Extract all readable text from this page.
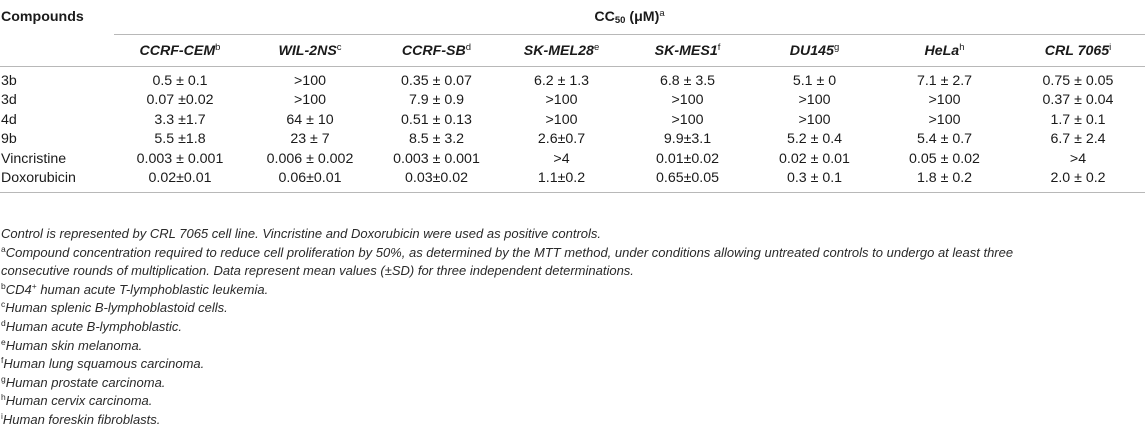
Compounds	$CC_{50}$ $(\mu M)^a$
	CCRF-CEM$^b$	WIL-$2NS^c$	CCRF-$SB^d$	SK-MEL28e	SK-MES1$^f$	DU145$^g$	HeLa$^h$	CRL 7065$^i$
3b	0.5 ± 0.1	>100	0.35 ± 0.07	6.2 ± 1.3	6.8 ± 3.5	5.1 ± 0	7.1 ± 2.7	0.75 ± 0.05
3d	0.07 ±0.02	>100	7.9 ± 0.9	>100	>100	>100	>100	0.37 ± 0.04
4d	3.3 ±1.7	64 ± 10	0.51 ± 0.13	>100	>100	>100	>100	1.7 ± 0.1
9b	5.5 ±1.8	23 ± 7	8.5 ± 3.2	2.6±0.7	9.9±3.1	5.2 ± 0.4	5.4 ± 0.7	6.7 ± 2.4
Vincristine	0.003 ± 0.001	0.006 ± 0.002	0.003 ± 0.001	>4	0.01±0.02	0.02 ± 0.01	0.05 ± 0.02	>4
Doxorubicin	0.02±0.01	0.06±0.01	0.03±0.02	1.1±0.2	0.65±0.05	0.3 ± 0.1	1.8 ± 0.2	2.0 ± 0.2

Control is represented by CRL 7065 cell line. Vincristine and Doxorubicin were used as positive controls.

$^a$Compound concentration required to reduce cell proliferation by 50%, as determined by the MTT method, under conditions allowing untreated controls to undergo at least three

consecutive rounds of multiplication. Data represent mean values (±SD) for three independent determinations.

$^b$CD4+ human acute T-lymphoblastic leukemia.

$^c$Human splenic B-lymphoblastoid cells.

$^d$Human acute B-lymphoblastic.

$^e$Human skin melanoma.

$^f$Human lung squamous carcinoma.

$^g$Human prostate carcinoma.

$^h$Human cervix carcinoma.

$^i$Human foreskin fibroblasts.
